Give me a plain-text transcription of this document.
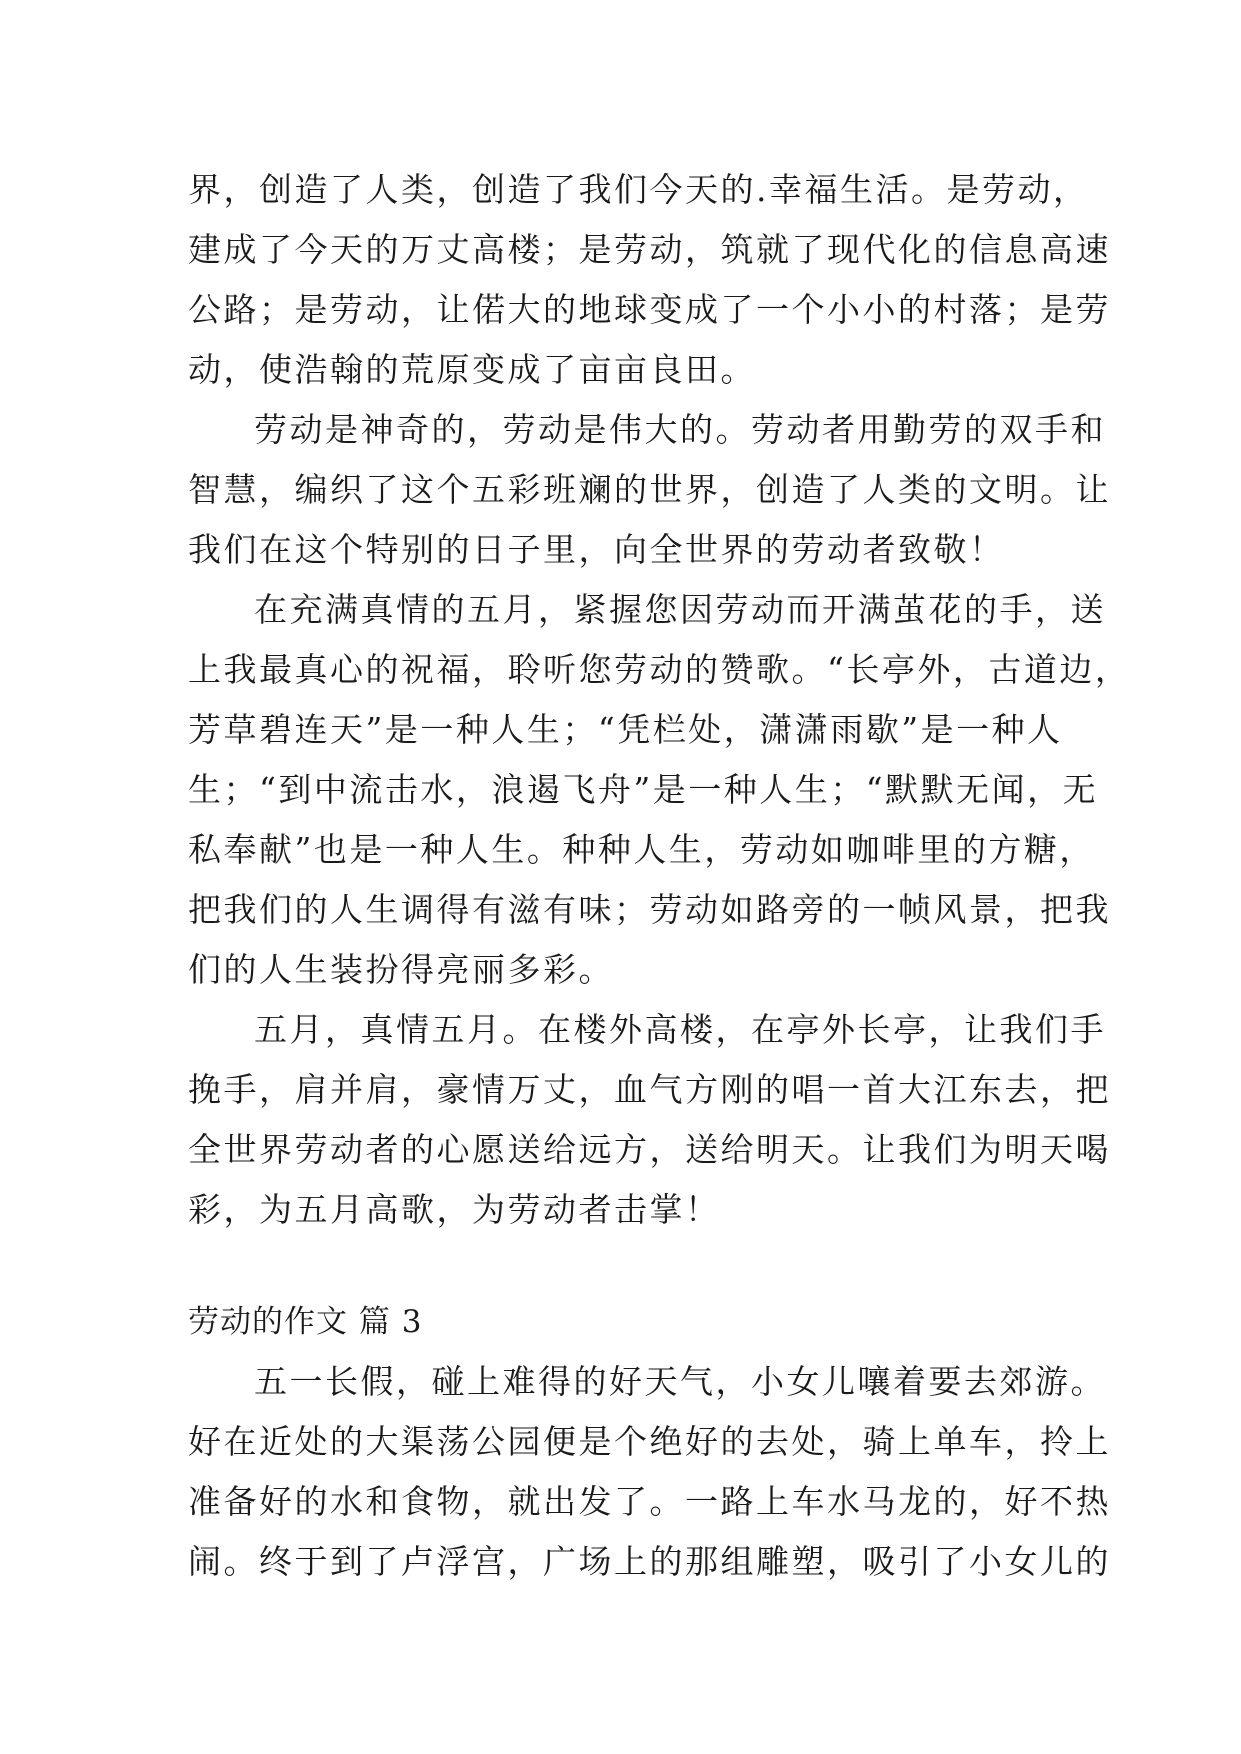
界，创造了人类，创造了我们今天的.幸福生活。是劳动，
建成了今天的万丈高楼；是劳动，筑就了现代化的信息高速
公路；是劳动，让偌大的地球变成了一个小小的村落；是劳
动，使浩翰的荒原变成了亩亩良田。
劳动是神奇的，劳动是伟大的。劳动者用勤劳的双手和
智慧，编织了这个五彩班斓的世界，创造了人类的文明。让
我们在这个特别的日子里，向全世界的劳动者致敬！
在充满真情的五月，紧握您因劳动而开满茧花的手，送
上我最真心的祝福，聆听您劳动的赞歌。“长亭外，古道边，
芳草碧连天”是一种人生；“凭栏处，潇潇雨歇”是一种人
生；“到中流击水，浪遏飞舟”是一种人生；“默默无闻，无
私奉献”也是一种人生。种种人生，劳动如咖啡里的方糖，
把我们的人生调得有滋有味；劳动如路旁的一帧风景，把我
们的人生装扮得亮丽多彩。
五月，真情五月。在楼外高楼，在亭外长亭，让我们手
挽手，肩并肩，豪情万丈，血气方刚的唱一首大江东去，把
全世界劳动者的心愿送给远方，送给明天。让我们为明天喝
彩，为五月高歌，为劳动者击掌！
劳动的作文 篇 3
五一长假，碰上难得的好天气，小女儿嚷着要去郊游。
好在近处的大渠荡公园便是个绝好的去处，骑上单车，拎上
准备好的水和食物，就出发了。一路上车水马龙的，好不热
闹。终于到了卢浮宫，广场上的那组雕塑，吸引了小女儿的
